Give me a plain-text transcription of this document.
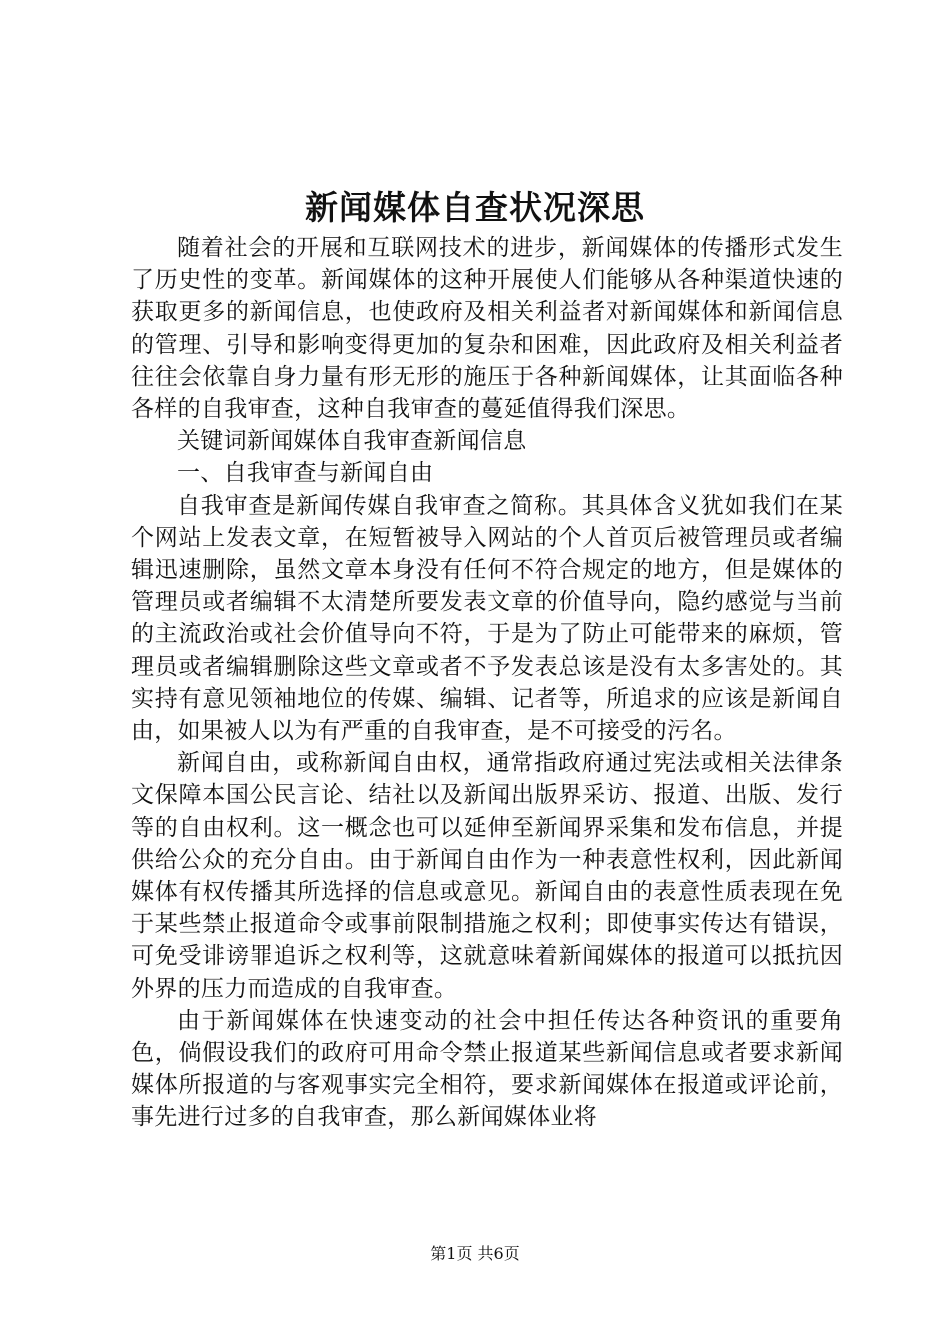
新闻媒体自查状况深思

随着社会的开展和互联网技术的进步，新闻媒体的传播形式发生了历史性的变革。新闻媒体的这种开展使人们能够从各种渠道快速的获取更多的新闻信息，也使政府及相关利益者对新闻媒体和新闻信息的管理、引导和影响变得更加的复杂和困难，因此政府及相关利益者往往会依靠自身力量有形无形的施压于各种新闻媒体，让其面临各种各样的自我审查，这种自我审查的蔓延值得我们深思。

关键词新闻媒体自我审查新闻信息

一、自我审查与新闻自由

自我审查是新闻传媒自我审查之简称。其具体含义犹如我们在某个网站上发表文章，在短暂被导入网站的个人首页后被管理员或者编辑迅速删除，虽然文章本身没有任何不符合规定的地方，但是媒体的管理员或者编辑不太清楚所要发表文章的价值导向，隐约感觉与当前的主流政治或社会价值导向不符，于是为了防止可能带来的麻烦，管理员或者编辑删除这些文章或者不予发表总该是没有太多害处的。其实持有意见领袖地位的传媒、编辑、记者等，所追求的应该是新闻自由，如果被人以为有严重的自我审查，是不可接受的污名。

新闻自由，或称新闻自由权，通常指政府通过宪法或相关法律条文保障本国公民言论、结社以及新闻出版界采访、报道、出版、发行等的自由权利。这一概念也可以延伸至新闻界采集和发布信息，并提供给公众的充分自由。由于新闻自由作为一种表意性权利，因此新闻媒体有权传播其所选择的信息或意见。新闻自由的表意性质表现在免于某些禁止报道命令或事前限制措施之权利；即使事实传达有错误，可免受诽谤罪追诉之权利等，这就意味着新闻媒体的报道可以抵抗因外界的压力而造成的自我审查。

由于新闻媒体在快速变动的社会中担任传达各种资讯的重要角色，倘假设我们的政府可用命令禁止报道某些新闻信息或者要求新闻媒体所报道的与客观事实完全相符，要求新闻媒体在报道或评论前，事先进行过多的自我审查，那么新闻媒体业将

第1页 共6页
